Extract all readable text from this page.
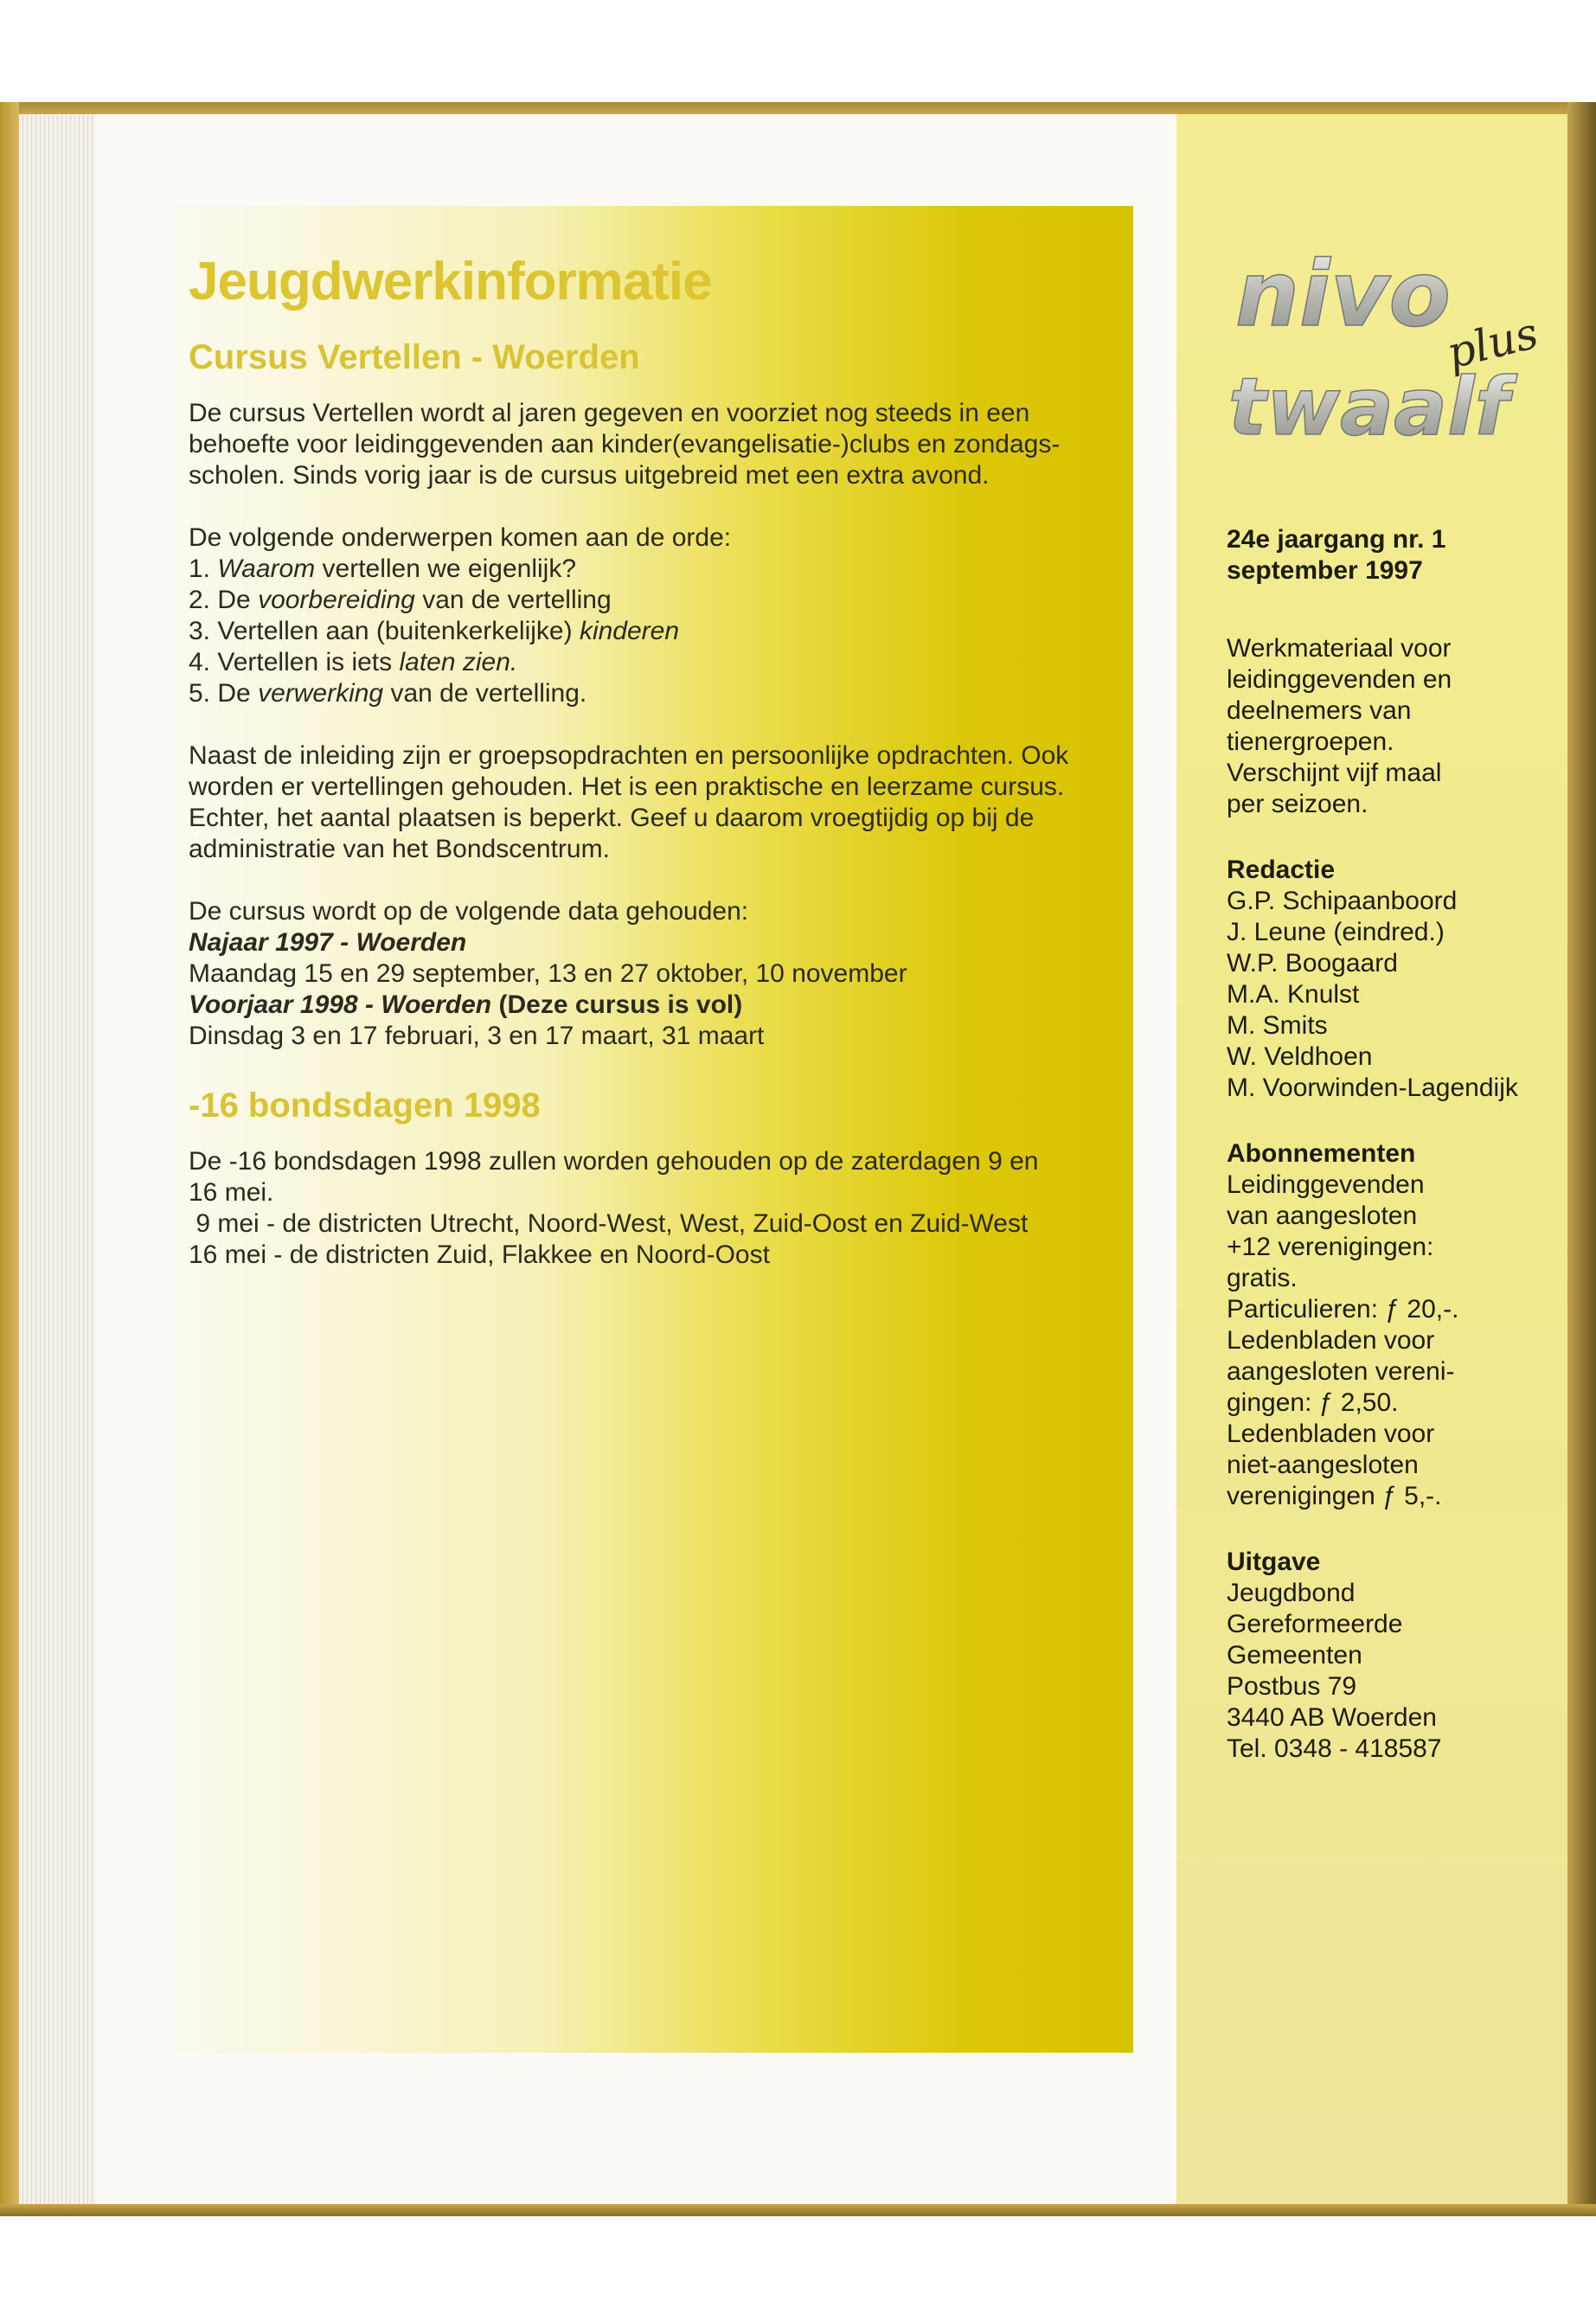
Jeugdwerkinformatie
Cursus Vertellen - Woerden
De cursus Vertellen wordt al jaren gegeven en voorziet nog steeds in een
behoefte voor leidinggevenden aan kinder(evangelisatie-)clubs en zondags-
scholen. Sinds vorig jaar is de cursus uitgebreid met een extra avond.
De volgende onderwerpen komen aan de orde:
1. Waarom vertellen we eigenlijk?
2. De voorbereiding van de vertelling
3. Vertellen aan (buitenkerkelijke) kinderen
4. Vertellen is iets laten zien.
5. De verwerking van de vertelling.
Naast de inleiding zijn er groepsopdrachten en persoonlijke opdrachten. Ook
worden er vertellingen gehouden. Het is een praktische en leerzame cursus.
Echter, het aantal plaatsen is beperkt. Geef u daarom vroegtijdig op bij de
administratie van het Bondscentrum.
De cursus wordt op de volgende data gehouden:
Najaar 1997 - Woerden
Maandag 15 en 29 september, 13 en 27 oktober, 10 november
Voorjaar 1998 - Woerden (Deze cursus is vol)
Dinsdag 3 en 17 februari, 3 en 17 maart, 31 maart
-16 bondsdagen 1998
De -16 bondsdagen 1998 zullen worden gehouden op de zaterdagen 9 en
16 mei.
9 mei - de districten Utrecht, Noord-West, West, Zuid-Oost en Zuid-West
16 mei - de districten Zuid, Flakkee en Noord-Oost
nivo
twaalf
plus
24e jaargang nr. 1
september 1997
Werkmateriaal voor
leidinggevenden en
deelnemers van
tienergroepen.
Verschijnt vijf maal
per seizoen.
Redactie
G.P. Schipaanboord
J. Leune (eindred.)
W.P. Boogaard
M.A. Knulst
M. Smits
W. Veldhoen
M. Voorwinden-Lagendijk
Abonnementen
Leidinggevenden
van aangesloten
+12 verenigingen:
gratis.
Particulieren: ƒ 20,-.
Ledenbladen voor
aangesloten vereni-
gingen: ƒ 2,50.
Ledenbladen voor
niet-aangesloten
verenigingen ƒ 5,-.
Uitgave
Jeugdbond
Gereformeerde
Gemeenten
Postbus 79
3440 AB Woerden
Tel. 0348 - 418587
